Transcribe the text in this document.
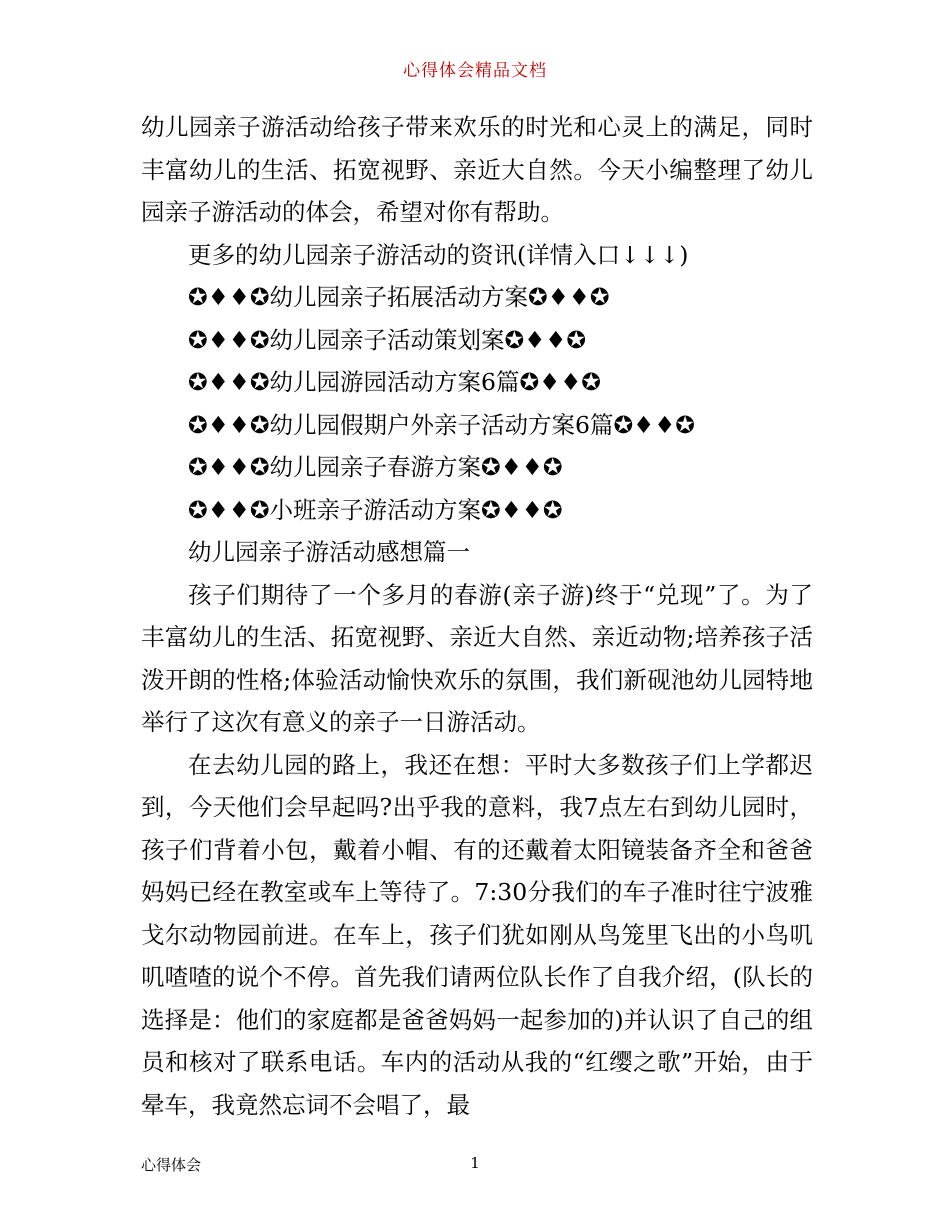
心得体会精品文档

幼儿园亲子游活动给孩子带来欢乐的时光和心灵上的满足，同时丰富幼儿的生活、拓宽视野、亲近大自然。今天小编整理了幼儿园亲子游活动的体会，希望对你有帮助。

更多的幼儿园亲子游活动的资讯(详情入口↓↓↓)

✪♦♦✪幼儿园亲子拓展活动方案✪♦♦✪

✪♦♦✪幼儿园亲子活动策划案✪♦♦✪

✪♦♦✪幼儿园游园活动方案6篇✪♦♦✪

✪♦♦✪幼儿园假期户外亲子活动方案6篇✪♦♦✪

✪♦♦✪幼儿园亲子春游方案✪♦♦✪

✪♦♦✪小班亲子游活动方案✪♦♦✪

幼儿园亲子游活动感想篇一

孩子们期待了一个多月的春游(亲子游)终于“兑现”了。为了丰富幼儿的生活、拓宽视野、亲近大自然、亲近动物;培养孩子活泼开朗的性格;体验活动愉快欢乐的氛围，我们新砚池幼儿园特地举行了这次有意义的亲子一日游活动。

在去幼儿园的路上，我还在想：平时大多数孩子们上学都迟到，今天他们会早起吗?出乎我的意料，我7点左右到幼儿园时，孩子们背着小包，戴着小帽、有的还戴着太阳镜装备齐全和爸爸妈妈已经在教室或车上等待了。7:30分我们的车子准时往宁波雅戈尔动物园前进。在车上，孩子们犹如刚从鸟笼里飞出的小鸟叽叽喳喳的说个不停。首先我们请两位队长作了自我介绍，(队长的选择是：他们的家庭都是爸爸妈妈一起参加的)并认识了自己的组员和核对了联系电话。车内的活动从我的“红缨之歌”开始，由于晕车，我竟然忘词不会唱了，最

心得体会	1
